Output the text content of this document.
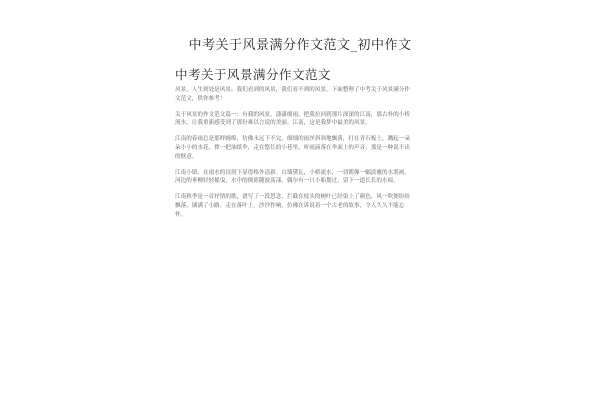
中考关于风景满分作文范文_初中作文
中考关于风景满分作文范文

风景，人生到处是风景，我们看到的风景，我们看不到的风景。下面整理了中考关于风景满分作文范文，供你参考！

关于风景的作文范文篇一：有我的风景，潇潇细雨，把我拉回到那片深深的江南，那古朴的小桥流水，让我重新感受到了那份难以言说的美丽。江南，这是我梦中最美的风景。

江南的春雨总是那样缠绵，仿佛永远下不完。细细的雨丝斜斜地飘落，打在青石板上，溅起一朵朵小小的水花。撑一把油纸伞，走在悠长的小巷里，听雨滴落在伞面上的声音，那是一种说不出的惬意。

江南小镇，在雨水的浸润下显得格外清新。白墙黛瓦，小桥流水，一切都像一幅淡雅的水墨画。河边的垂柳轻轻摇曳，水中的倒影随波荡漾，偶尔有一只小船划过，留下一道长长的水痕。

江南秋季是一首抒情的歌，谱写了一段思念，拦截在枝头的树叶已经染上了颜色，风一吹便纷纷飘落，铺满了小路。走在落叶上，沙沙作响，仿佛在诉说着一个古老的故事，令人久久不能忘怀。
